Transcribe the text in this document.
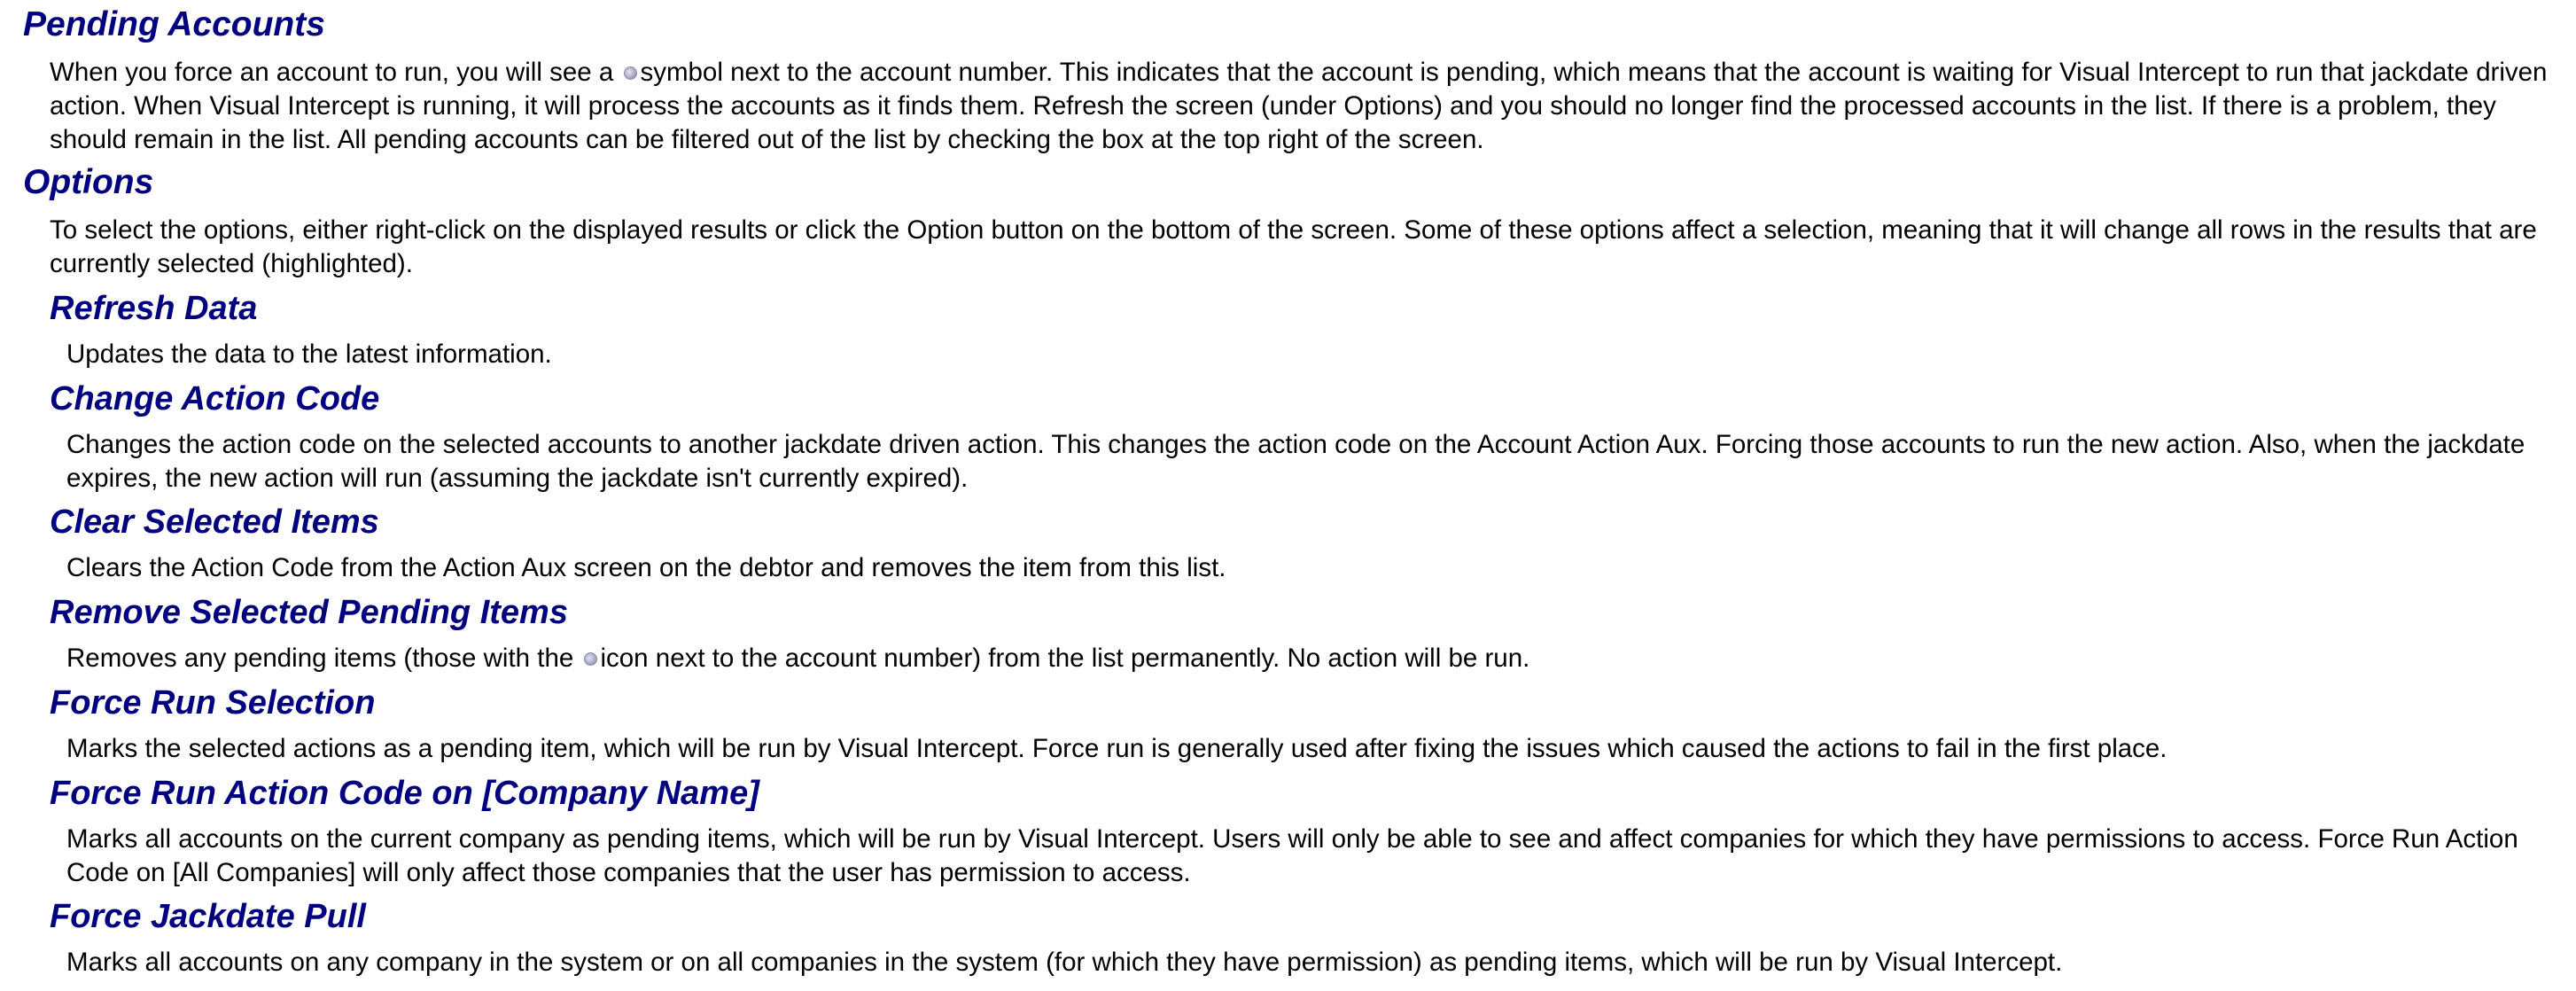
Pending Accounts

When you force an account to run, you will see a symbol next to the account number. This indicates that the account is pending, which means that the account is waiting for Visual Intercept to run that jackdate driven action. When Visual Intercept is running, it will process the accounts as it finds them. Refresh the screen (under Options) and you should no longer find the processed accounts in the list. If there is a problem, they should remain in the list. All pending accounts can be filtered out of the list by checking the box at the top right of the screen.

Options

To select the options, either right-click on the displayed results or click the Option button on the bottom of the screen. Some of these options affect a selection, meaning that it will change all rows in the results that are currently selected (highlighted).

Refresh Data

Updates the data to the latest information.

Change Action Code

Changes the action code on the selected accounts to another jackdate driven action. This changes the action code on the Account Action Aux. Forcing those accounts to run the new action. Also, when the jackdate expires, the new action will run (assuming the jackdate isn't currently expired).

Clear Selected Items

Clears the Action Code from the Action Aux screen on the debtor and removes the item from this list.

Remove Selected Pending Items

Removes any pending items (those with the icon next to the account number) from the list permanently. No action will be run.

Force Run Selection

Marks the selected actions as a pending item, which will be run by Visual Intercept. Force run is generally used after fixing the issues which caused the actions to fail in the first place.

Force Run Action Code on [Company Name]

Marks all accounts on the current company as pending items, which will be run by Visual Intercept. Users will only be able to see and affect companies for which they have permissions to access. Force Run Action Code on [All Companies] will only affect those companies that the user has permission to access.

Force Jackdate Pull

Marks all accounts on any company in the system or on all companies in the system (for which they have permission) as pending items, which will be run by Visual Intercept.
